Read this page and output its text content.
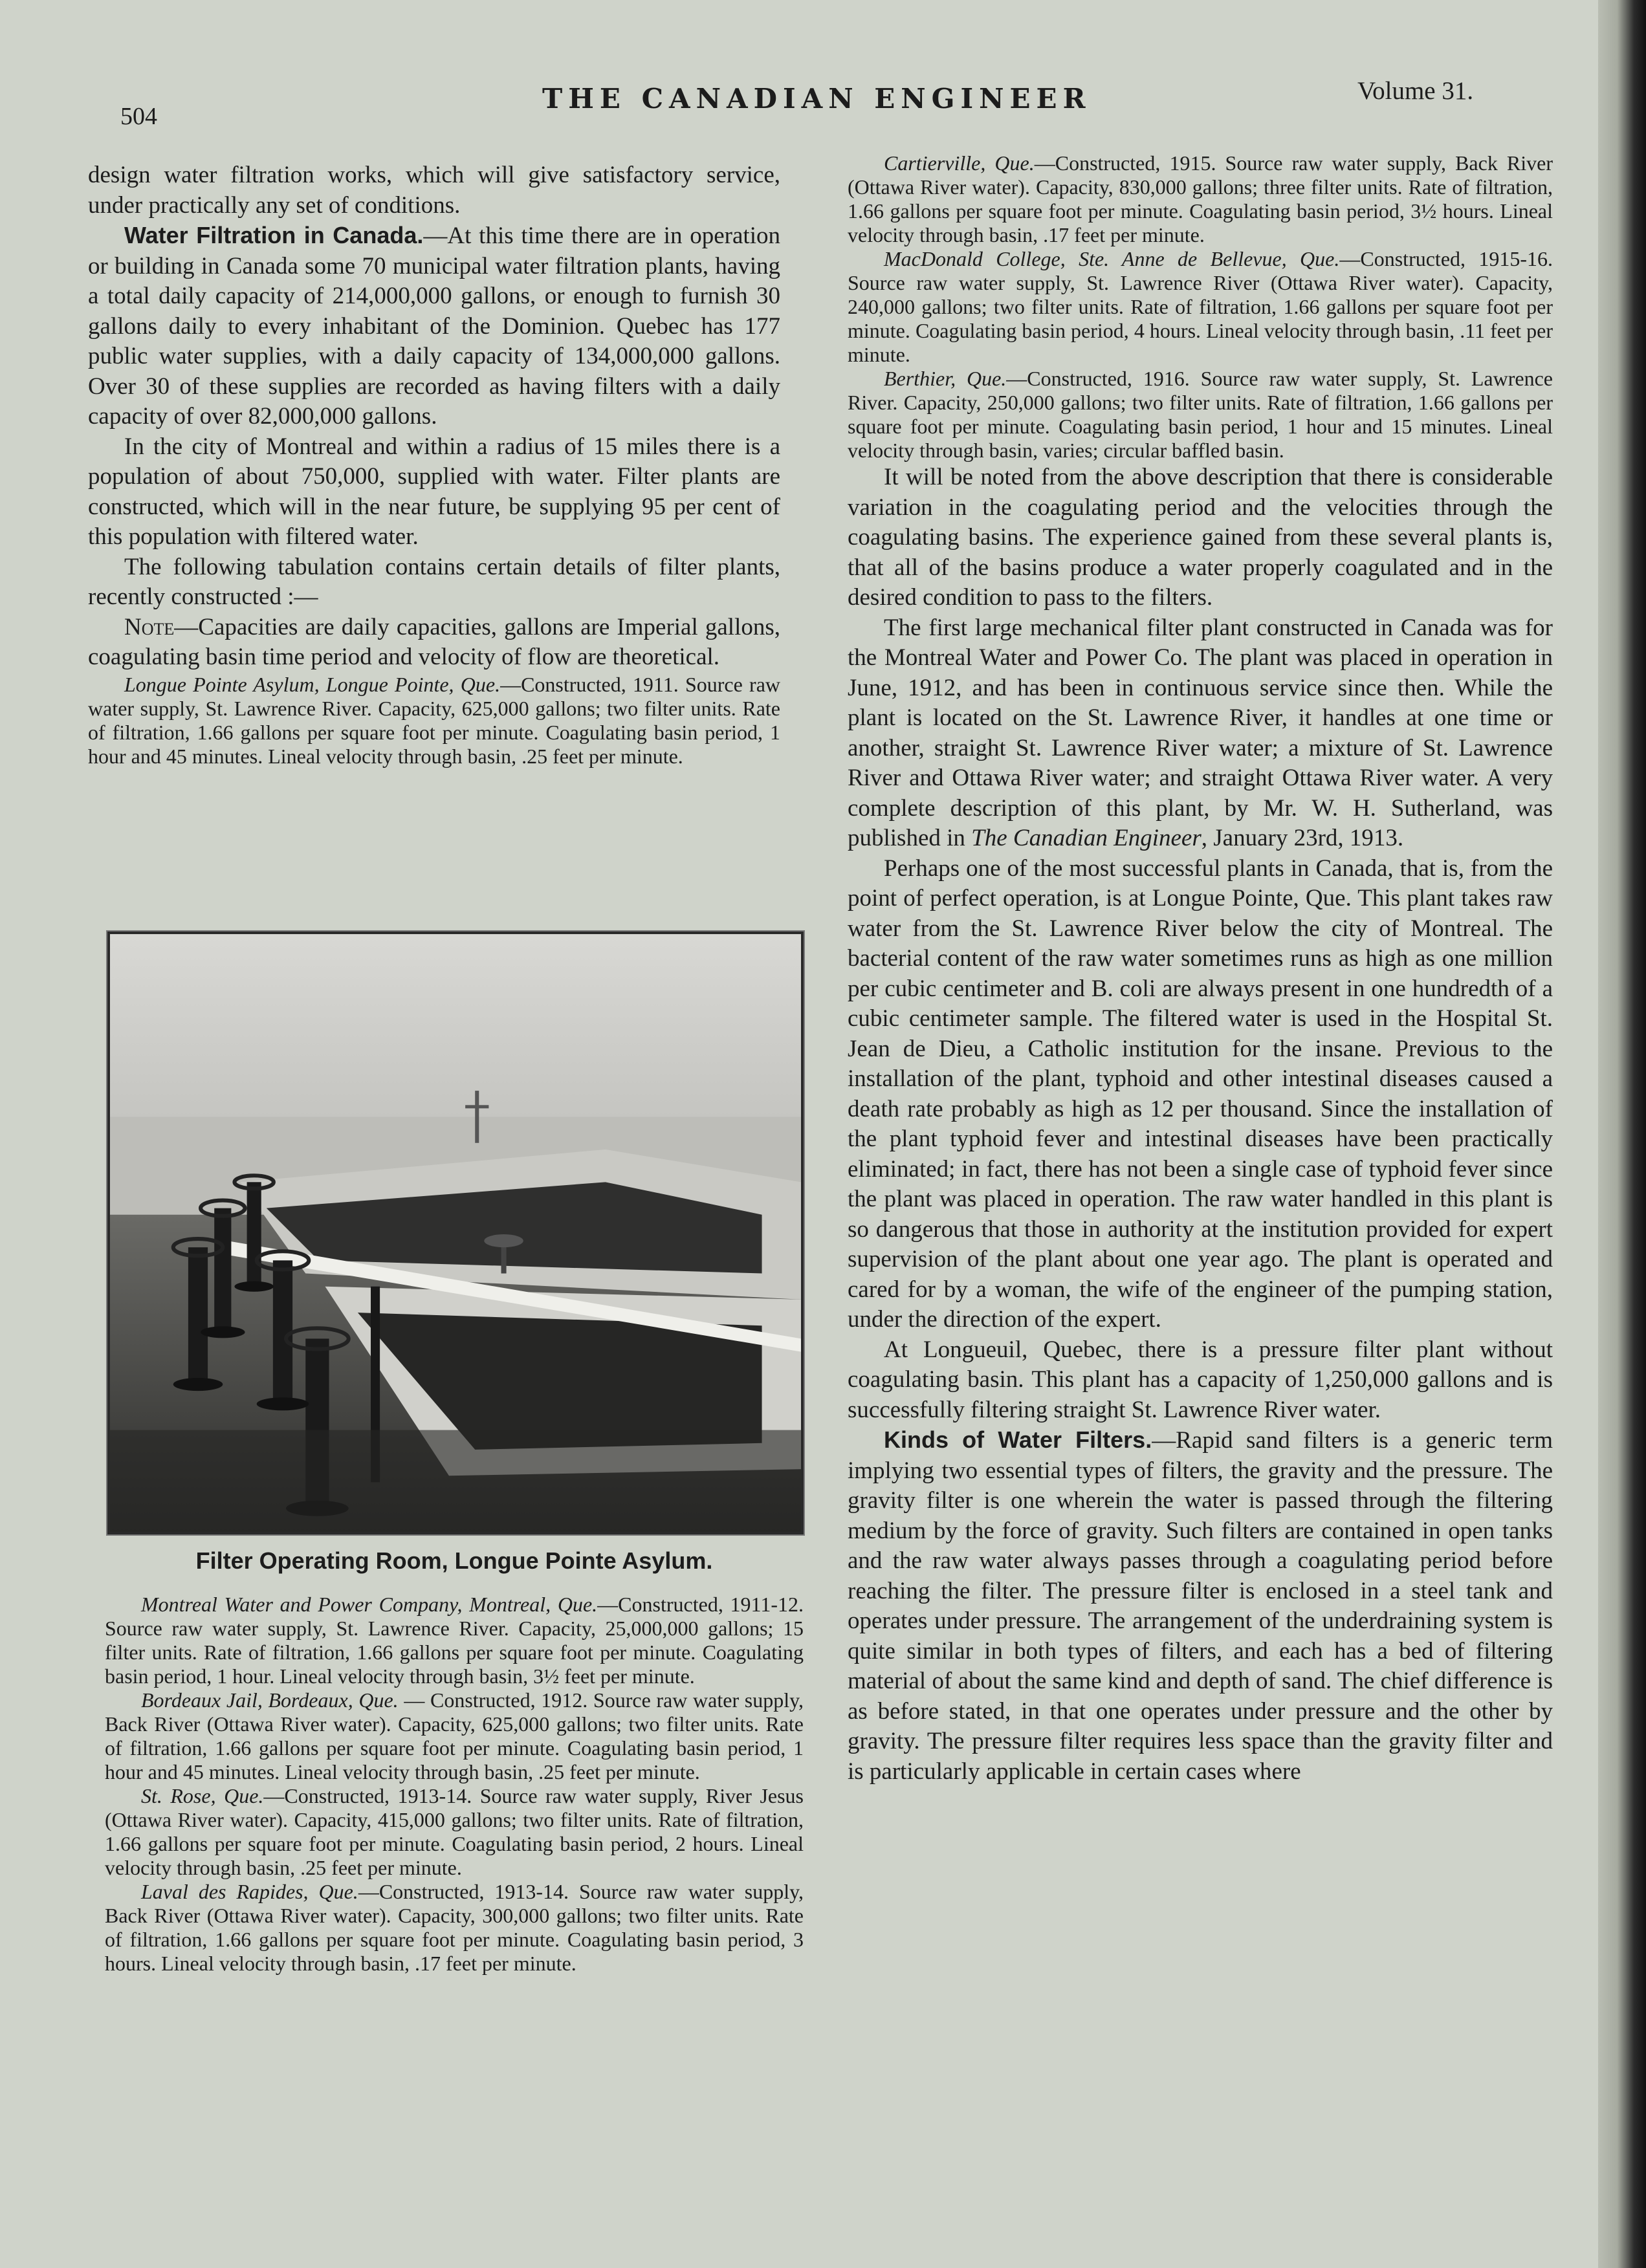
504
THE CANADIAN ENGINEER	Volume 31.

design water filtration works, which will give satisfactory service, under practically any set of conditions.

Water Filtration in Canada.—At this time there are in operation or building in Canada some 70 municipal water filtration plants, having a total daily capacity of 214,000,000 gallons, or enough to furnish 30 gallons daily to every inhabitant of the Dominion. Quebec has 177 public water supplies, with a daily capacity of 134,000,000 gallons. Over 30 of these supplies are recorded as having filters with a daily capacity of over 82,000,000 gallons.

In the city of Montreal and within a radius of 15 miles there is a population of about 750,000, supplied with water. Filter plants are constructed, which will in the near future, be supplying 95 per cent of this population with filtered water.

The following tabulation contains certain details of filter plants, recently constructed :—

Note—Capacities are daily capacities, gallons are Imperial gallons, coagulating basin time period and velocity of flow are theoretical.

Longue Pointe Asylum, Longue Pointe, Que.—Constructed, 1911. Source raw water supply, St. Lawrence River. Capacity, 625,000 gallons; two filter units. Rate of filtration, 1.66 gallons per square foot per minute. Coagulating basin period, 1 hour and 45 minutes. Lineal velocity through basin, .25 feet per minute.

Filter Operating Room, Longue Pointe Asylum.

Montreal Water and Power Company, Montreal, Que.—Constructed, 1911-12. Source raw water supply, St. Lawrence River. Capacity, 25,000,000 gallons; 15 filter units. Rate of filtration, 1.66 gallons per square foot per minute. Coagulating basin period, 1 hour. Lineal velocity through basin, 3½ feet per minute.

Bordeaux Jail, Bordeaux, Que. — Constructed, 1912. Source raw water supply, Back River (Ottawa River water). Capacity, 625,000 gallons; two filter units. Rate of filtration, 1.66 gallons per square foot per minute. Coagulating basin period, 1 hour and 45 minutes. Lineal velocity through basin, .25 feet per minute.

St. Rose, Que.—Constructed, 1913-14. Source raw water supply, River Jesus (Ottawa River water). Capacity, 415,000 gallons; two filter units. Rate of filtration, 1.66 gallons per square foot per minute. Coagulating basin period, 2 hours. Lineal velocity through basin, .25 feet per minute.

Laval des Rapides, Que.—Constructed, 1913-14. Source raw water supply, Back River (Ottawa River water). Capacity, 300,000 gallons; two filter units. Rate of filtration, 1.66 gallons per square foot per minute. Coagulating basin period, 3 hours. Lineal velocity through basin, .17 feet per minute.

Cartierville, Que.—Constructed, 1915. Source raw water supply, Back River (Ottawa River water). Capacity, 830,000 gallons; three filter units. Rate of filtration, 1.66 gallons per square foot per minute. Coagulating basin period, 3½ hours. Lineal velocity through basin, .17 feet per minute.

MacDonald College, Ste. Anne de Bellevue, Que.—Constructed, 1915-16. Source raw water supply, St. Lawrence River (Ottawa River water). Capacity, 240,000 gallons; two filter units. Rate of filtration, 1.66 gallons per square foot per minute. Coagulating basin period, 4 hours. Lineal velocity through basin, .11 feet per minute.

Berthier, Que.—Constructed, 1916. Source raw water supply, St. Lawrence River. Capacity, 250,000 gallons; two filter units. Rate of filtration, 1.66 gallons per square foot per minute. Coagulating basin period, 1 hour and 15 minutes. Lineal velocity through basin, varies; circular baffled basin.

It will be noted from the above description that there is considerable variation in the coagulating period and the velocities through the coagulating basins. The experience gained from these several plants is, that all of the basins produce a water properly coagulated and in the desired condition to pass to the filters.

The first large mechanical filter plant constructed in Canada was for the Montreal Water and Power Co. The plant was placed in operation in June, 1912, and has been in continuous service since then. While the plant is located on the St. Lawrence River, it handles at one time or another, straight St. Lawrence River water; a mixture of St. Lawrence River and Ottawa River water; and straight Ottawa River water. A very complete description of this plant, by Mr. W. H. Sutherland, was published in The Canadian Engineer, January 23rd, 1913.

Perhaps one of the most successful plants in Canada, that is, from the point of perfect operation, is at Longue Pointe, Que. This plant takes raw water from the St. Lawrence River below the city of Montreal. The bacterial content of the raw water sometimes runs as high as one million per cubic centimeter and B. coli are always present in one hundredth of a cubic centimeter sample. The filtered water is used in the Hospital St. Jean de Dieu, a Catholic institution for the insane. Previous to the installation of the plant, typhoid and other intestinal diseases caused a death rate probably as high as 12 per thousand. Since the installation of the plant typhoid fever and intestinal diseases have been practically eliminated; in fact, there has not been a single case of typhoid fever since the plant was placed in operation. The raw water handled in this plant is so dangerous that those in authority at the institution provided for expert supervision of the plant about one year ago. The plant is operated and cared for by a woman, the wife of the engineer of the pumping station, under the direction of the expert.

At Longueuil, Quebec, there is a pressure filter plant without coagulating basin. This plant has a capacity of 1,250,000 gallons and is successfully filtering straight St. Lawrence River water.

Kinds of Water Filters.—Rapid sand filters is a generic term implying two essential types of filters, the gravity and the pressure. The gravity filter is one wherein the water is passed through the filtering medium by the force of gravity. Such filters are contained in open tanks and the raw water always passes through a coagulating period before reaching the filter. The pressure filter is enclosed in a steel tank and operates under pressure. The arrangement of the underdraining system is quite similar in both types of filters, and each has a bed of filtering material of about the same kind and depth of sand. The chief difference is as before stated, in that one operates under pressure and the other by gravity. The pressure filter requires less space than the gravity filter and is particularly applicable in certain cases where
